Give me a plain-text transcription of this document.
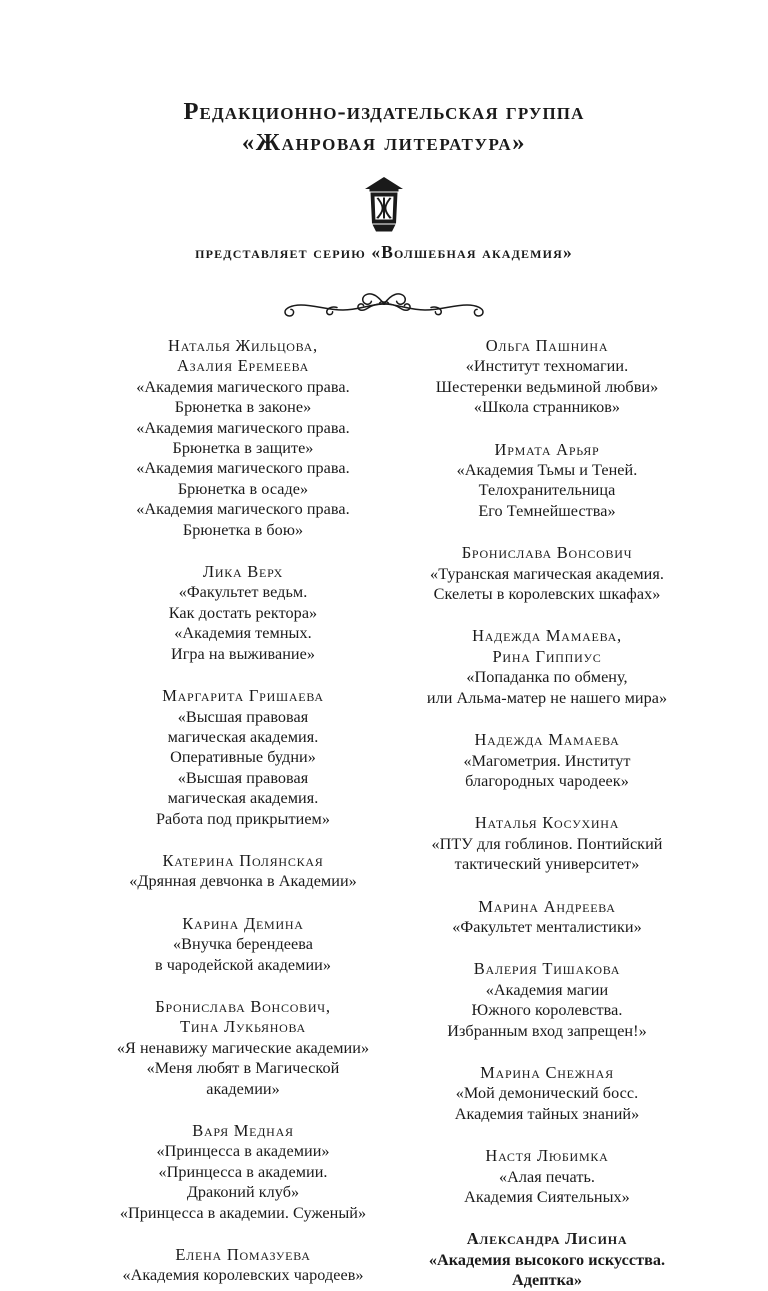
Редакционно-издательская группа
«Жанровая литература»
представляет серию «Волшебная академия»
Наталья Жильцова,
Азалия Еремеева
«Академия магического права.
Брюнетка в законе»
«Академия магического права.
Брюнетка в защите»
«Академия магического права.
Брюнетка в осаде»
«Академия магического права.
Брюнетка в бою»
Лика Верх
«Факультет ведьм.
Как достать ректора»
«Академия темных.
Игра на выживание»
Маргарита Гришаева
«Высшая правовая
магическая академия.
Оперативные будни»
«Высшая правовая
магическая академия.
Работа под прикрытием»
Катерина Полянская
«Дрянная девчонка в Академии»
Карина Демина
«Внучка берендеева
в чародейской академии»
Бронислава Вонсович,
Тина Лукьянова
«Я ненавижу магические академии»
«Меня любят в Магической
академии»
Варя Медная
«Принцесса в академии»
«Принцесса в академии.
Драконий клуб»
«Принцесса в академии. Суженый»
Елена Помазуева
«Академия королевских чародеев»
Ольга Пашнина
«Институт техномагии.
Шестеренки ведьминой любви»
«Школа странников»
Ирмата Арьяр
«Академия Тьмы и Теней.
Телохранительница
Его Темнейшества»
Бронислава Вонсович
«Туранская магическая академия.
Скелеты в королевских шкафах»
Надежда Мамаева,
Рина Гиппиус
«Попаданка по обмену,
или Альма-матер не нашего мира»
Надежда Мамаева
«Магометрия. Институт
благородных чародеек»
Наталья Косухина
«ПТУ для гоблинов. Понтийский
тактический университет»
Марина Андреева
«Факультет менталистики»
Валерия Тишакова
«Академия магии
Южного королевства.
Избранным вход запрещен!»
Марина Снежная
«Мой демонический босс.
Академия тайных знаний»
Настя Любимка
«Алая печать.
Академия Сиятельных»
Александра Лисина
«Академия высокого искусства.
Адептка»
